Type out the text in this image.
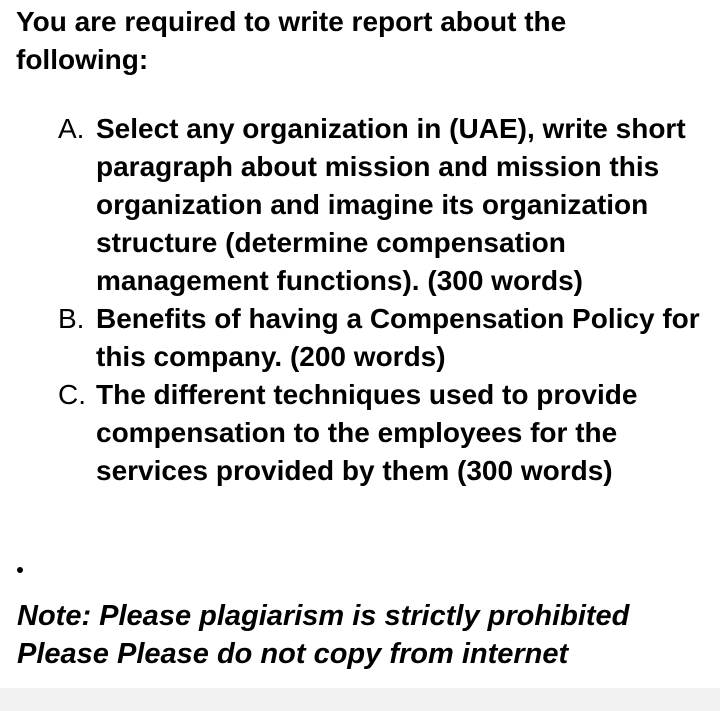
You are required to write report about the following:

A. Select any organization in (UAE), write short paragraph about mission and mission this organization and imagine its organization structure (determine compensation management functions). (300 words)
B. Benefits of having a Compensation Policy for this company. (200 words)
C. The different techniques used to provide compensation to the employees for the services provided by them (300 words)

Note: Please plagiarism is strictly prohibited
Please Please do not copy from internet
